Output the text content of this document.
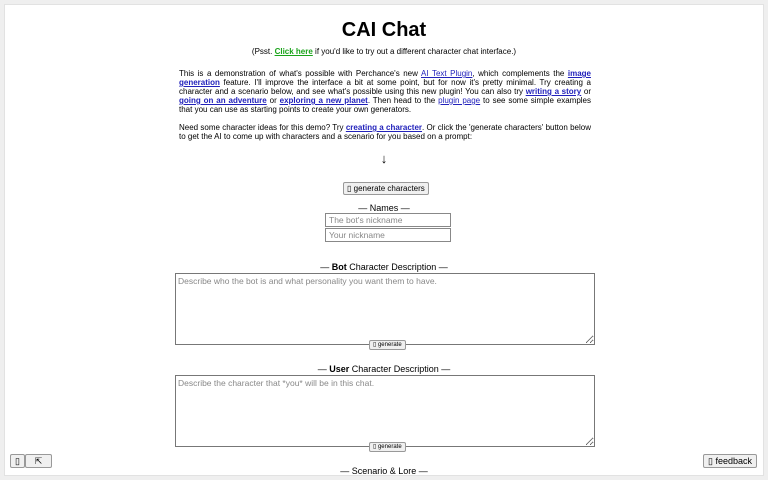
CAI Chat
(Psst. Click here if you'd like to try out a different character chat interface.)

This is a demonstration of what's possible with Perchance's new AI Text Plugin, which complements the image generation feature. I'll improve the interface a bit at some point, but for now it's pretty minimal. Try creating a character and a scenario below, and see what's possible using this new plugin! You can also try writing a story or going on an adventure or exploring a new planet. Then head to the plugin page to see some simple examples that you can use as starting points to create your own generators.

Need some character ideas for this demo? Try creating a character. Or click the 'generate characters' button below to get the AI to come up with characters and a scenario for you based on a prompt:

↓
▯ generate characters
— Names —
The bot's nickname
Your nickname
— Bot Character Description —
Describe who the bot is and what personality you want them to have.
▯ generate
— User Character Description —
Describe the character that *you* will be in this chat.
▯ generate
— Scenario & Lore —
▯	⇱	▯ feedback
